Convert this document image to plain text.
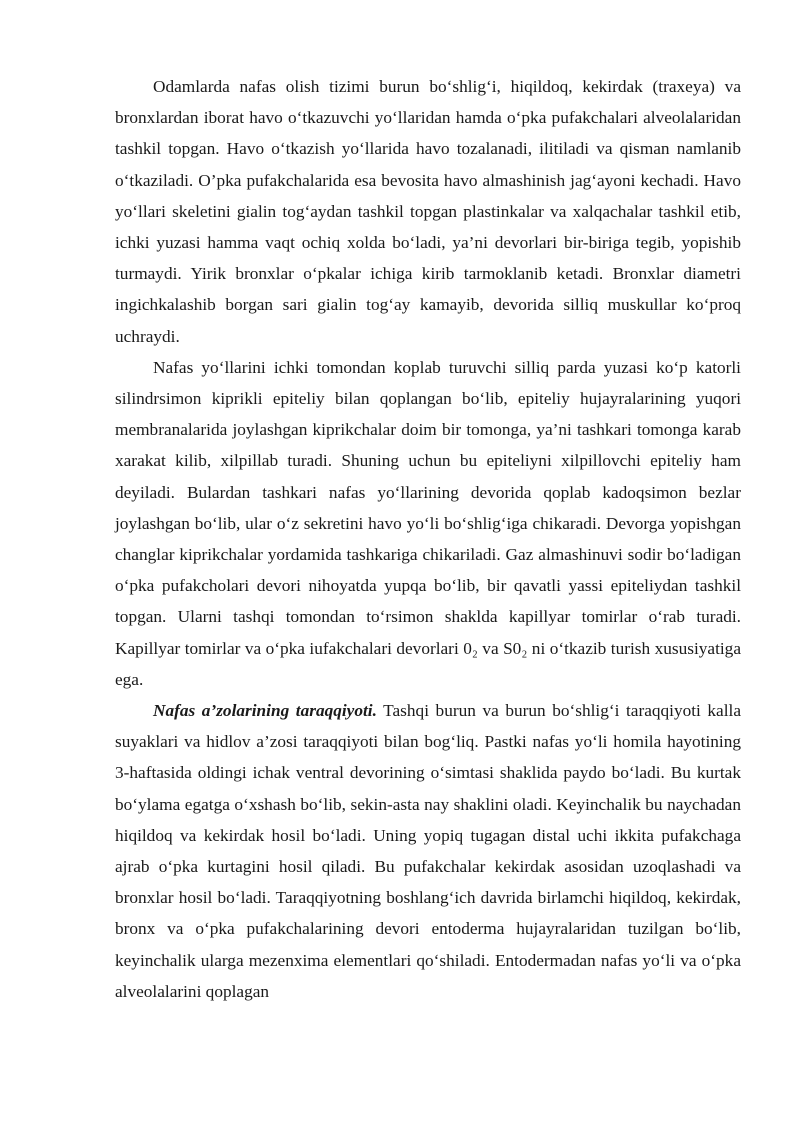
Odamlarda nafas olish tizimi burun bo‘shlig‘i, hiqildoq, kekirdak (traxeya) va bronxlardan iborat havo o‘tkazuvchi yo‘llaridan hamda o‘pka pufakchalari alveolalaridan tashkil topgan. Havo o‘tkazish yo‘llarida havo tozalanadi, ilitiladi va qisman namlanib o‘tkaziladi. O’pka pufakchalarida esa bevosita havo almashinish jag‘ayoni kechadi. Havo yo‘llari skeletini gialin tog‘aydan tashkil topgan plastinkalar va xalqachalar tashkil etib, ichki yuzasi hamma vaqt ochiq xolda bo‘ladi, ya’ni devorlari bir-biriga tegib, yopishib turmaydi. Yirik bronxlar o‘pkalar ichiga kirib tarmoklanib ketadi. Bronxlar diametri ingichkalashib borgan sari gialin tog‘ay kamayib, devorida silliq muskullar ko‘proq uchraydi.

Nafas yo‘llarini ichki tomondan koplab turuvchi silliq parda yuzasi ko‘p katorli silindrsimon kiprikli epiteliy bilan qoplangan bo‘lib, epiteliy hujayralarining yuqori membranalarida joylashgan kiprikchalar doim bir tomonga, ya’ni tashkari tomonga karab xarakat kilib, xilpillab turadi. Shuning uchun bu epiteliyni xilpillovchi epiteliy ham deyiladi. Bulardan tashkari nafas yo‘llarining devorida qoplab kadoqsimon bezlar joylashgan bo‘lib, ular o‘z sekretini havo yo‘li bo‘shlig‘iga chikaradi. Devorga yopishgan changlar kiprikchalar yordamida tashkariga chikariladi. Gaz almashinuvi sodir bo‘ladigan o‘pka pufakcholari devori nihoyatda yupqa bo‘lib, bir qavatli yassi epiteliydan tashkil topgan. Ularni tashqi tomondan to‘rsimon shaklda kapillyar tomirlar o‘rab turadi. Kapillyar tomirlar va o‘pka iufakchalari devorlari 0₂ va S0₂ ni o‘tkazib turish xususiyatiga ega.

Nafas a’zolarining taraqqiyoti. Tashqi burun va burun bo‘shlig‘i taraqqiyoti kalla suyaklari va hidlov a’zosi taraqqiyoti bilan bog‘liq. Pastki nafas yo‘li homila hayotining 3-haftasida oldingi ichak ventral devorining o‘simtasi shaklida paydo bo‘ladi. Bu kurtak bo‘ylama egatga o‘xshash bo‘lib, sekin-asta nay shaklini oladi. Keyinchalik bu naychadan hiqildoq va kekirdak hosil bo‘ladi. Uning yopiq tugagan distal uchi ikkita pufakchaga ajrab o‘pka kurtagini hosil qiladi. Bu pufakchalar kekirdak asosidan uzoqlashadi va bronxlar hosil bo‘ladi. Taraqqiyotning boshlang‘ich davrida birlamchi hiqildoq, kekirdak, bronx va o‘pka pufakchalarining devori entoderma hujayralaridan tuzilgan bo‘lib, keyinchalik ularga mezenxima elementlari qo‘shiladi. Entodermadan nafas yo‘li va o‘pka alveolalarini qoplagan
